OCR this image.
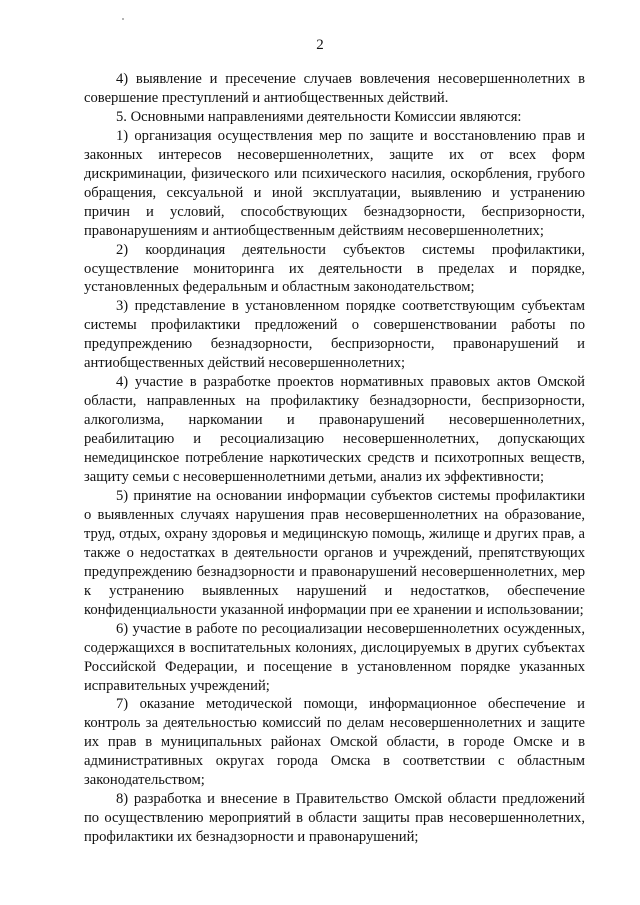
2

4) выявление и пресечение случаев вовлечения несовершеннолетних в совершение преступлений и антиобщественных действий.

5. Основными направлениями деятельности Комиссии являются:

1) организация осуществления мер по защите и восстановлению прав и законных интересов несовершеннолетних, защите их от всех форм дискриминации, физического или психического насилия, оскорбления, грубого обращения, сексуальной и иной эксплуатации, выявлению и устранению причин и условий, способствующих безнадзорности, беспризорности, правонарушениям и антиобщественным действиям несовершеннолетних;

2) координация деятельности субъектов системы профилактики, осуществление мониторинга их деятельности в пределах и порядке, установленных федеральным и областным законодательством;

3) представление в установленном порядке соответствующим субъектам системы профилактики предложений о совершенствовании работы по предупреждению безнадзорности, беспризорности, правонарушений и антиобщественных действий несовершеннолетних;

4) участие в разработке проектов нормативных правовых актов Омской области, направленных на профилактику безнадзорности, беспризорности, алкоголизма, наркомании и правонарушений несовершеннолетних, реабилитацию и ресоциализацию несовершеннолетних, допускающих немедицинское потребление наркотических средств и психотропных веществ, защиту семьи с несовершеннолетними детьми, анализ их эффективности;

5) принятие на основании информации субъектов системы профилактики о выявленных случаях нарушения прав несовершеннолетних на образование, труд, отдых, охрану здоровья и медицинскую помощь, жилище и других прав, а также о недостатках в деятельности органов и учреждений, препятствующих предупреждению безнадзорности и правонарушений несовершеннолетних, мер к устранению выявленных нарушений и недостатков, обеспечение конфиденциальности указанной информации при ее хранении и использовании;

6) участие в работе по ресоциализации несовершеннолетних осужденных, содержащихся в воспитательных колониях, дислоцируемых в других субъектах Российской Федерации, и посещение в установленном порядке указанных исправительных учреждений;

7) оказание методической помощи, информационное обеспечение и контроль за деятельностью комиссий по делам несовершеннолетних и защите их прав в муниципальных районах Омской области, в городе Омске и в административных округах города Омска в соответствии с областным законодательством;

8) разработка и внесение в Правительство Омской области предложений по осуществлению мероприятий в области защиты прав несовершеннолетних, профилактики их безнадзорности и правонарушений;
